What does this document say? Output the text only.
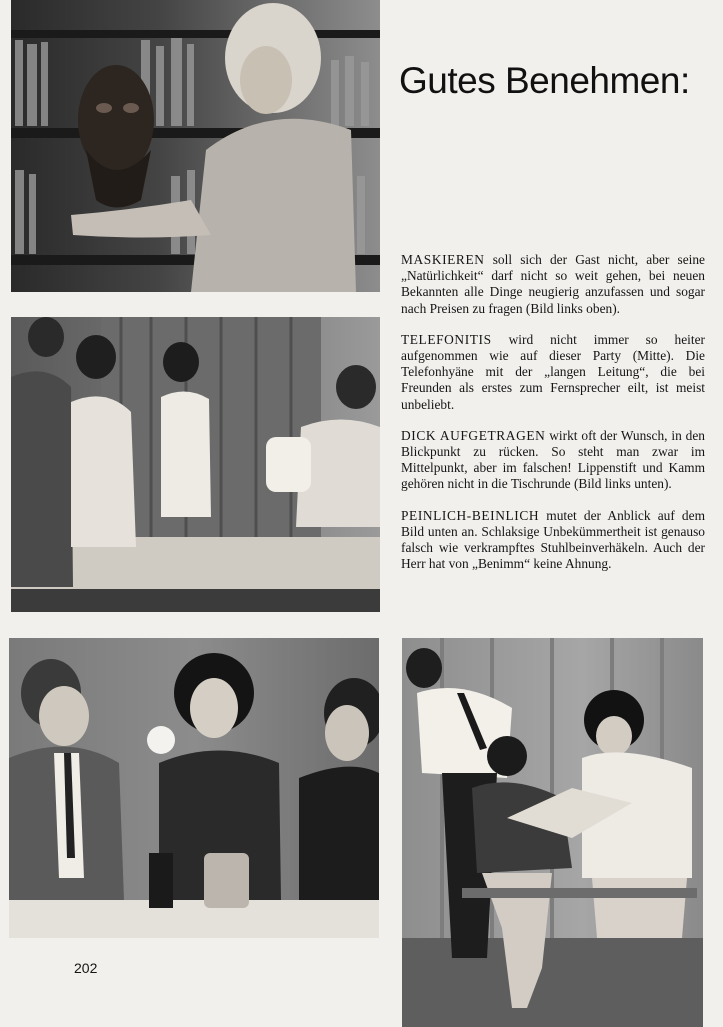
Gutes Benehmen:

MASKIEREN soll sich der Gast nicht, aber seine „Natürlichkeit“ darf nicht so weit gehen, bei neuen Bekannten alle Dinge neugierig anzufassen und sogar nach Preisen zu fragen (Bild links oben).

TELEFONITIS wird nicht immer so heiter aufgenommen wie auf dieser Party (Mitte). Die Telefonhyäne mit der „langen Leitung“, die bei Freunden als erstes zum Fernsprecher eilt, ist meist unbeliebt.

DICK AUFGETRAGEN wirkt oft der Wunsch, in den Blickpunkt zu rücken. So steht man zwar im Mittelpunkt, aber im falschen! Lippenstift und Kamm gehören nicht in die Tischrunde (Bild links unten).

PEINLICH-BEINLICH mutet der Anblick auf dem Bild unten an. Schlaksige Unbekümmertheit ist genauso falsch wie verkrampftes Stuhlbeinverhäkeln. Auch der Herr hat von „Benimm“ keine Ahnung.

202
